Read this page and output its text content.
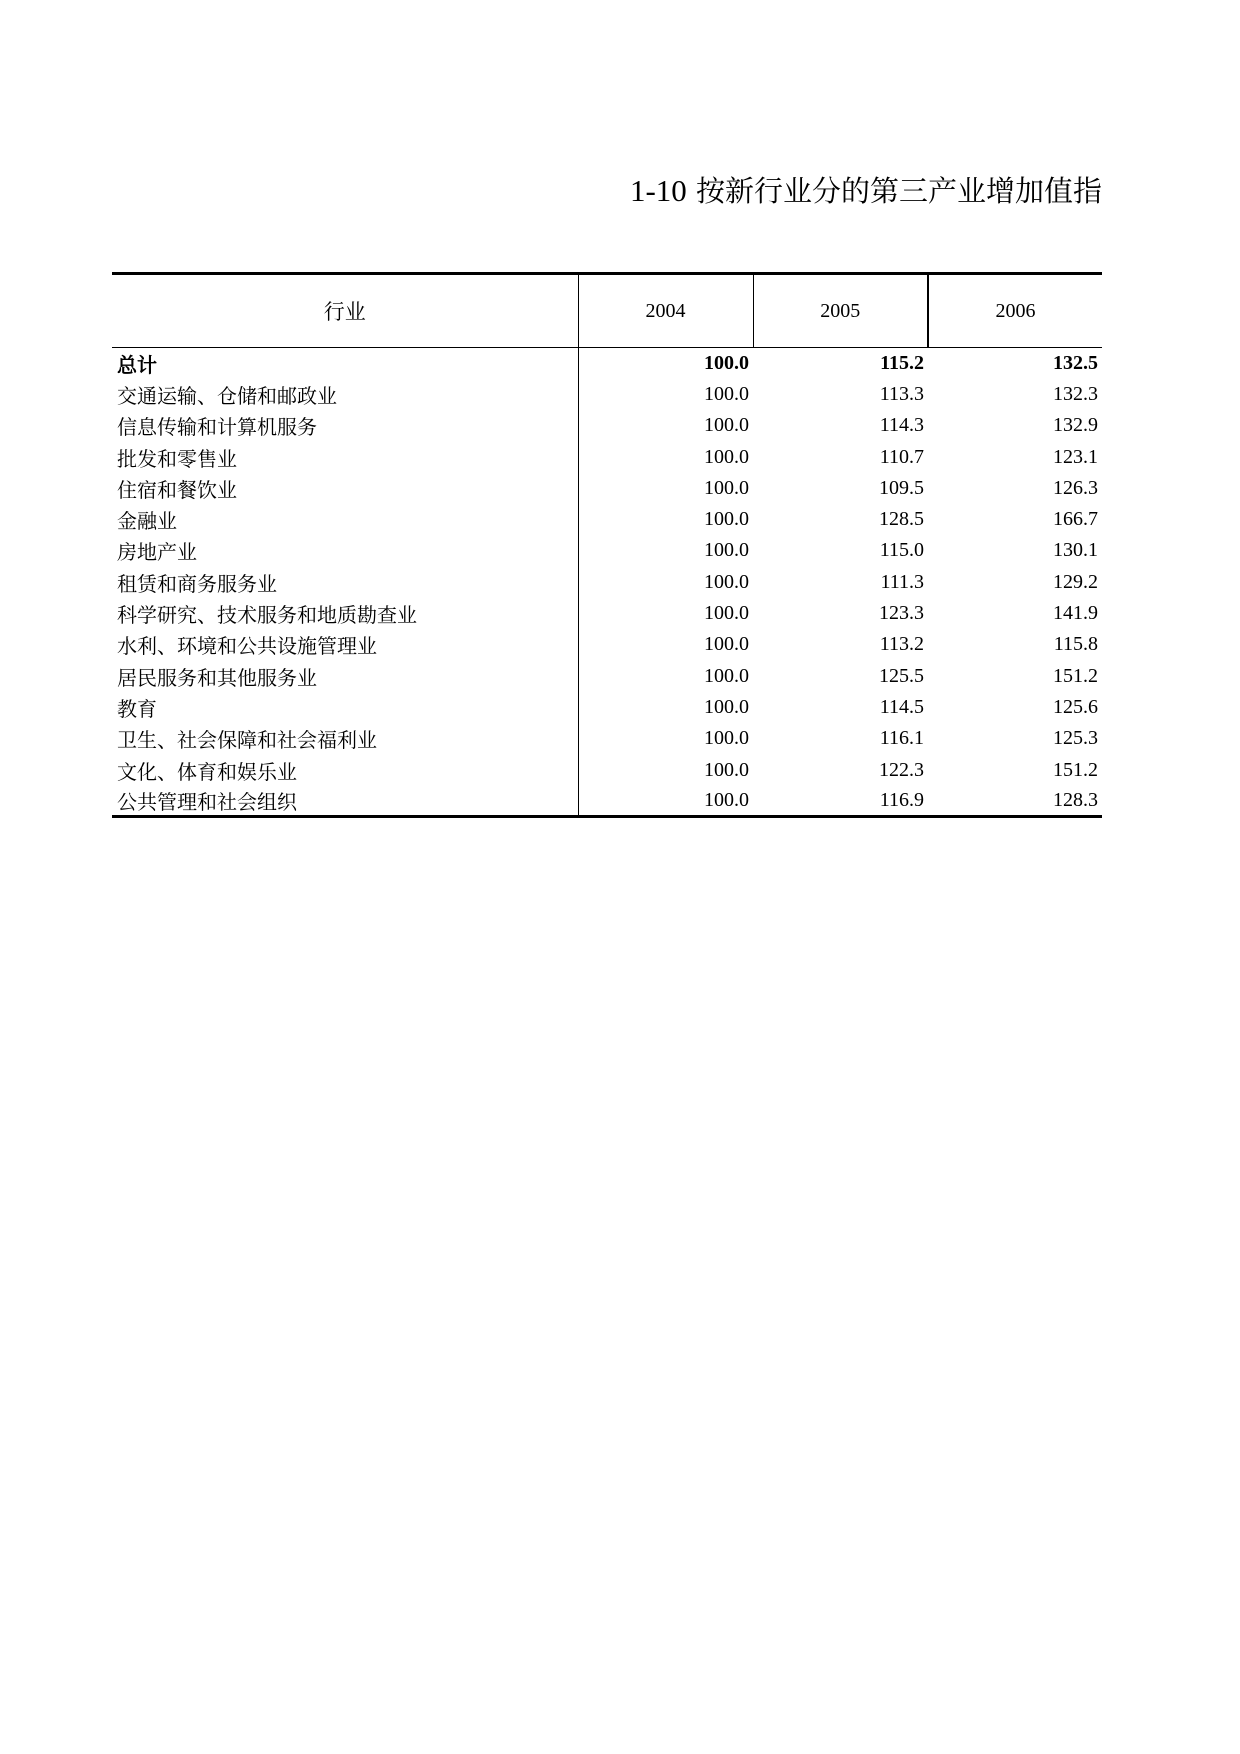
1-10 按新行业分的第三产业增加值指
行业	2004	2005	2006
总计	100.0	115.2	132.5
交通运输、仓储和邮政业	100.0	113.3	132.3
信息传输和计算机服务	100.0	114.3	132.9
批发和零售业	100.0	110.7	123.1
住宿和餐饮业	100.0	109.5	126.3
金融业	100.0	128.5	166.7
房地产业	100.0	115.0	130.1
租赁和商务服务业	100.0	111.3	129.2
科学研究、技术服务和地质勘查业	100.0	123.3	141.9
水利、环境和公共设施管理业	100.0	113.2	115.8
居民服务和其他服务业	100.0	125.5	151.2
教育	100.0	114.5	125.6
卫生、社会保障和社会福利业	100.0	116.1	125.3
文化、体育和娱乐业	100.0	122.3	151.2
公共管理和社会组织	100.0	116.9	128.3
